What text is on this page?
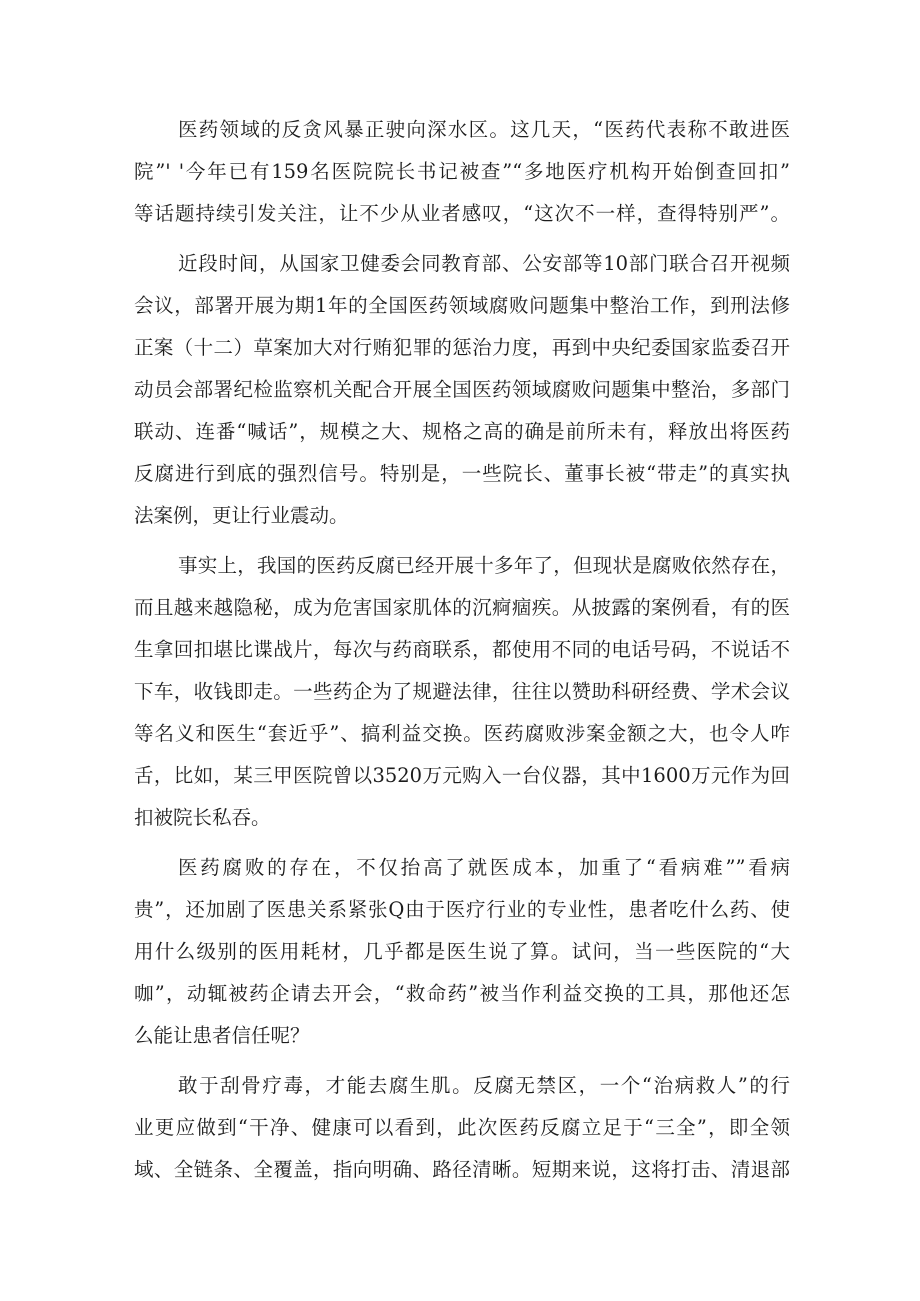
医药领域的反贪风暴正驶向深水区。这几天，“医药代表称不敢进医
院”' '今年已有159名医院院长书记被查”“多地医疗机构开始倒查回扣”
等话题持续引发关注，让不少从业者感叹，“这次不一样，查得特别严”。
近段时间，从国家卫健委会同教育部、公安部等10部门联合召开视频
会议，部署开展为期1年的全国医药领域腐败问题集中整治工作，到刑法修
正案（十二）草案加大对行贿犯罪的惩治力度，再到中央纪委国家监委召开
动员会部署纪检监察机关配合开展全国医药领域腐败问题集中整治，多部门
联动、连番“喊话”，规模之大、规格之高的确是前所未有，释放出将医药
反腐进行到底的强烈信号。特别是，一些院长、董事长被“带走”的真实执
法案例，更让行业震动。
事实上，我国的医药反腐已经开展十多年了，但现状是腐败依然存在，
而且越来越隐秘，成为危害国家肌体的沉痾痼疾。从披露的案例看，有的医
生拿回扣堪比谍战片，每次与药商联系，都使用不同的电话号码，不说话不
下车，收钱即走。一些药企为了规避法律，往往以赞助科研经费、学术会议
等名义和医生“套近乎”、搞利益交换。医药腐败涉案金额之大，也令人咋
舌，比如，某三甲医院曾以3520万元购入一台仪器，其中1600万元作为回
扣被院长私吞。
医药腐败的存在，不仅抬高了就医成本，加重了“看病难””看病
贵”，还加剧了医患关系紧张Q由于医疗行业的专业性，患者吃什么药、使
用什么级别的医用耗材，几乎都是医生说了算。试问，当一些医院的“大
咖”，动辄被药企请去开会，“救命药”被当作利益交换的工具，那他还怎
么能让患者信任呢？
敢于刮骨疗毒，才能去腐生肌。反腐无禁区，一个“治病救人”的行
业更应做到“干净、健康可以看到，此次医药反腐立足于“三全”，即全领
域、全链条、全覆盖，指向明确、路径清晰。短期来说，这将打击、清退部
